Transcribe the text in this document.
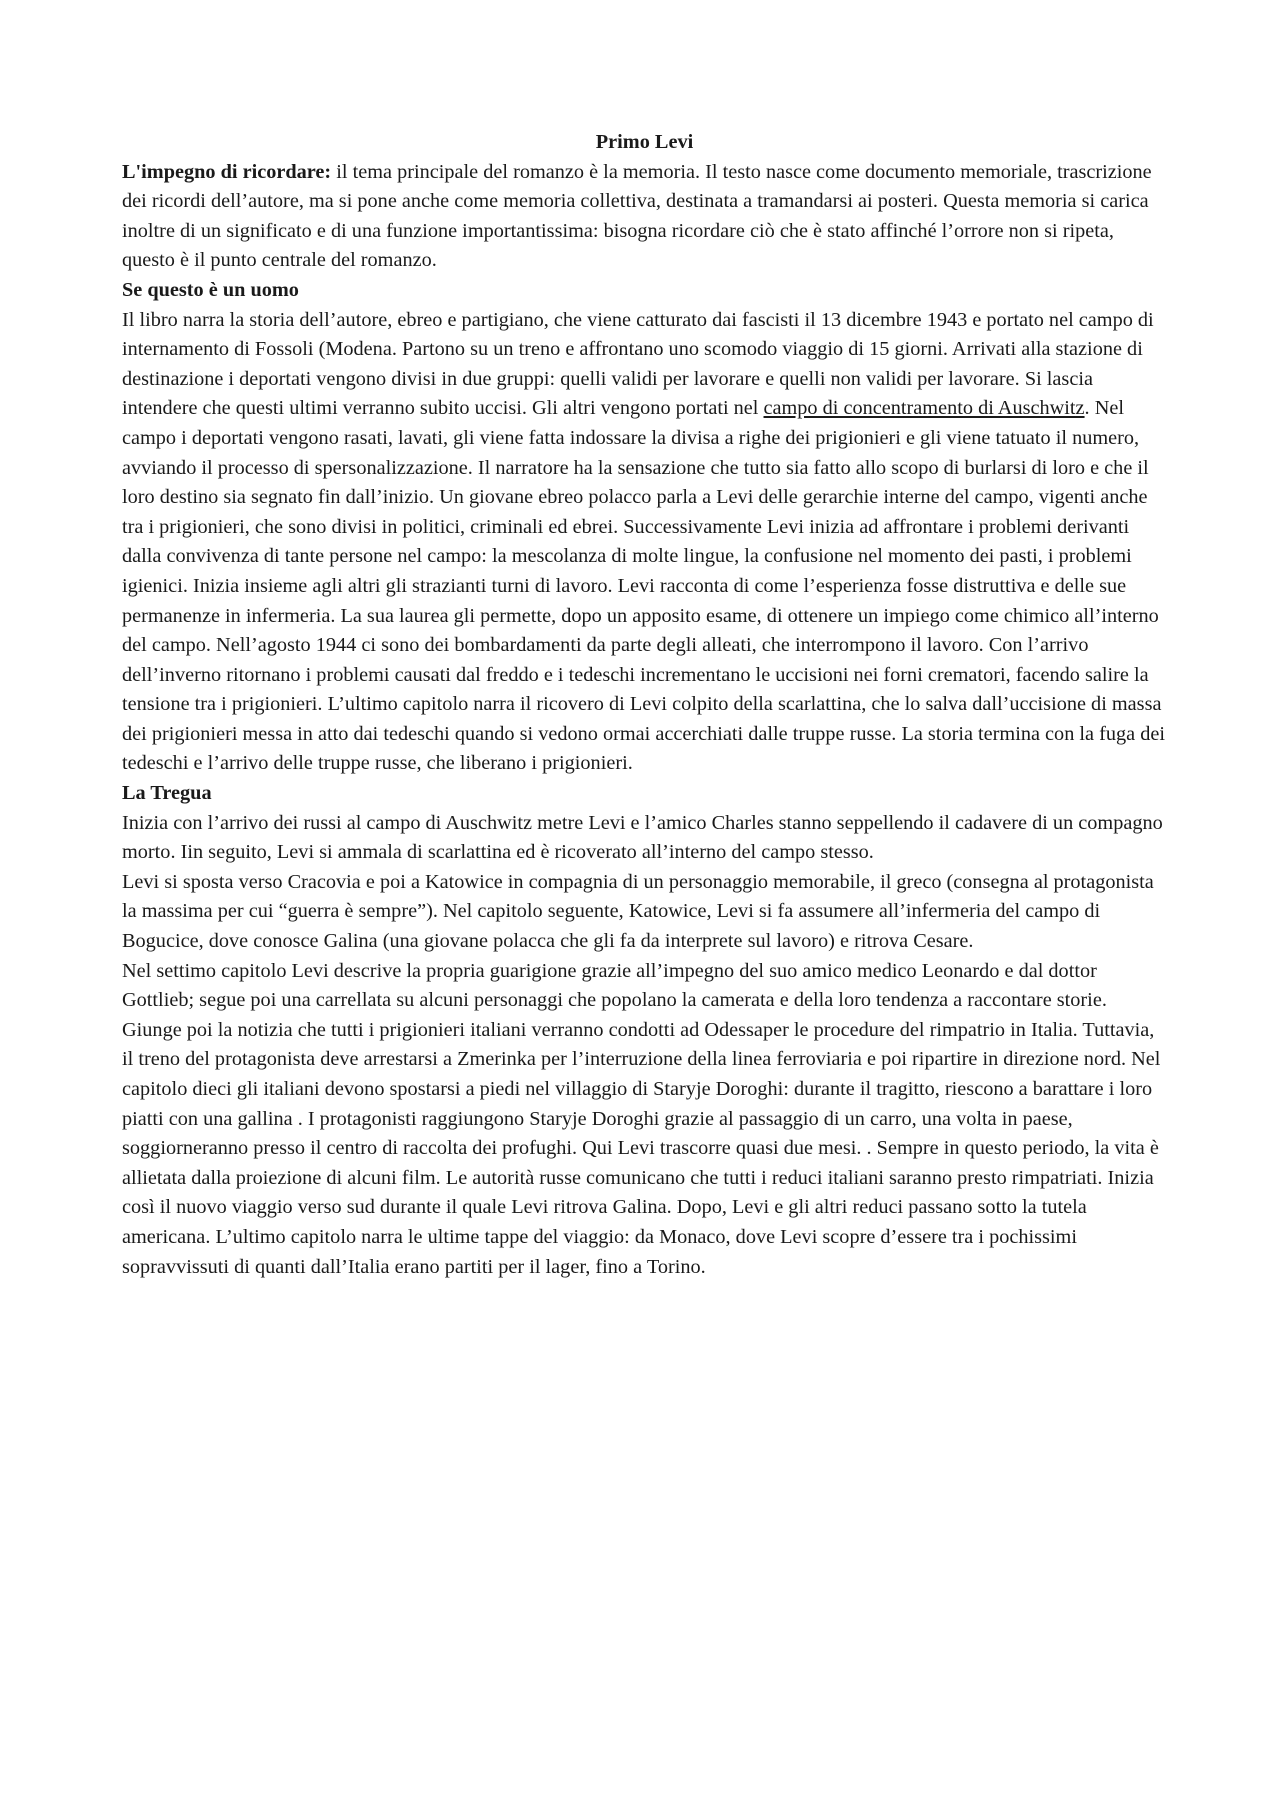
Primo Levi

L'impegno di ricordare: il tema principale del romanzo è la memoria. Il testo nasce come documento memoriale, trascrizione dei ricordi dell’autore, ma si pone anche come memoria collettiva, destinata a tramandarsi ai posteri. Questa memoria si carica inoltre di un significato e di una funzione importantissima: bisogna ricordare ciò che è stato affinché l’orrore non si ripeta, questo è il punto centrale del romanzo.

Se questo è un uomo

Il libro narra la storia dell’autore, ebreo e partigiano, che viene catturato dai fascisti il 13 dicembre 1943 e portato nel campo di internamento di Fossoli (Modena. Partono su un treno e affrontano uno scomodo viaggio di 15 giorni. Arrivati alla stazione di destinazione i deportati vengono divisi in due gruppi: quelli validi per lavorare e quelli non validi per lavorare. Si lascia intendere che questi ultimi verranno subito uccisi. Gli altri vengono portati nel campo di concentramento di Auschwitz. Nel campo i deportati vengono rasati, lavati, gli viene fatta indossare la divisa a righe dei prigionieri e gli viene tatuato il numero, avviando il processo di spersonalizzazione. Il narratore ha la sensazione che tutto sia fatto allo scopo di burlarsi di loro e che il loro destino sia segnato fin dall’inizio. Un giovane ebreo polacco parla a Levi delle gerarchie interne del campo, vigenti anche tra i prigionieri, che sono divisi in politici, criminali ed ebrei. Successivamente Levi inizia ad affrontare i problemi derivanti dalla convivenza di tante persone nel campo: la mescolanza di molte lingue, la confusione nel momento dei pasti, i problemi igienici. Inizia insieme agli altri gli strazianti turni di lavoro. Levi racconta di come l’esperienza fosse distruttiva e delle sue permanenze in infermeria. La sua laurea gli permette, dopo un apposito esame, di ottenere un impiego come chimico all’interno del campo. Nell’agosto 1944 ci sono dei bombardamenti da parte degli alleati, che interrompono il lavoro. Con l’arrivo dell’inverno ritornano i problemi causati dal freddo e i tedeschi incrementano le uccisioni nei forni crematori, facendo salire la tensione tra i prigionieri. L’ultimo capitolo narra il ricovero di Levi colpito della scarlattina, che lo salva dall’uccisione di massa dei prigionieri messa in atto dai tedeschi quando si vedono ormai accerchiati dalle truppe russe. La storia termina con la fuga dei tedeschi e l’arrivo delle truppe russe, che liberano i prigionieri.

La Tregua

Inizia con l’arrivo dei russi al campo di Auschwitz metre Levi e l’amico Charles stanno seppellendo il cadavere di un compagno morto. Iin seguito, Levi si ammala di scarlattina ed è ricoverato all’interno del campo stesso.

Levi si sposta verso Cracovia e poi a Katowice in compagnia di un personaggio memorabile, il greco (consegna al protagonista la massima per cui “guerra è sempre”). Nel capitolo seguente, Katowice, Levi si fa assumere all’infermeria del campo di Bogucice, dove conosce Galina (una giovane polacca che gli fa da interprete sul lavoro) e ritrova Cesare.

Nel settimo capitolo Levi descrive la propria guarigione grazie all’impegno del suo amico medico Leonardo e dal dottor Gottlieb; segue poi una carrellata su alcuni personaggi che popolano la camerata e della loro tendenza a raccontare storie. Giunge poi la notizia che tutti i prigionieri italiani verranno condotti ad Odessaper le procedure del rimpatrio in Italia. Tuttavia, il treno del protagonista deve arrestarsi a Zmerinka per l’interruzione della linea ferroviaria e poi ripartire in direzione nord. Nel capitolo dieci gli italiani devono spostarsi a piedi nel villaggio di Staryje Doroghi: durante il tragitto, riescono a barattare i loro piatti con una gallina . I protagonisti raggiungono Staryje Doroghi grazie al passaggio di un carro, una volta in paese, soggiorneranno presso il centro di raccolta dei profughi. Qui Levi trascorre quasi due mesi. . Sempre in questo periodo, la vita è allietata dalla proiezione di alcuni film. Le autorità russe comunicano che tutti i reduci italiani saranno presto rimpatriati. Inizia così il nuovo viaggio verso sud durante il quale Levi ritrova Galina. Dopo, Levi e gli altri reduci passano sotto la tutela americana. L’ultimo capitolo narra le ultime tappe del viaggio: da Monaco, dove Levi scopre d’essere tra i pochissimi sopravvissuti di quanti dall’Italia erano partiti per il lager, fino a Torino.
